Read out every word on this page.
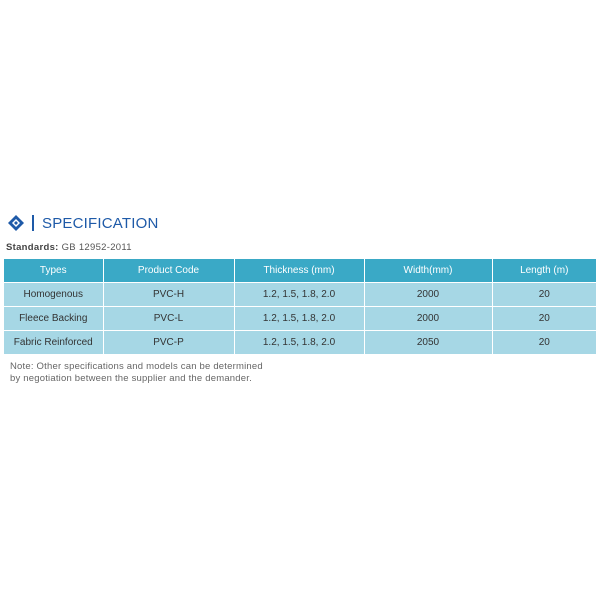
SPECIFICATION
Standards: GB 12952-2011
Types	Product Code	Thickness (mm)	Width(mm)	Length (m)
Homogenous	PVC-H	1.2, 1.5, 1.8, 2.0	2000	20
Fleece Backing	PVC-L	1.2, 1.5, 1.8, 2.0	2000	20
Fabric Reinforced	PVC-P	1.2, 1.5, 1.8, 2.0	2050	20
Note: Other specifications and models can be determined
by negotiation between the supplier and the demander.
